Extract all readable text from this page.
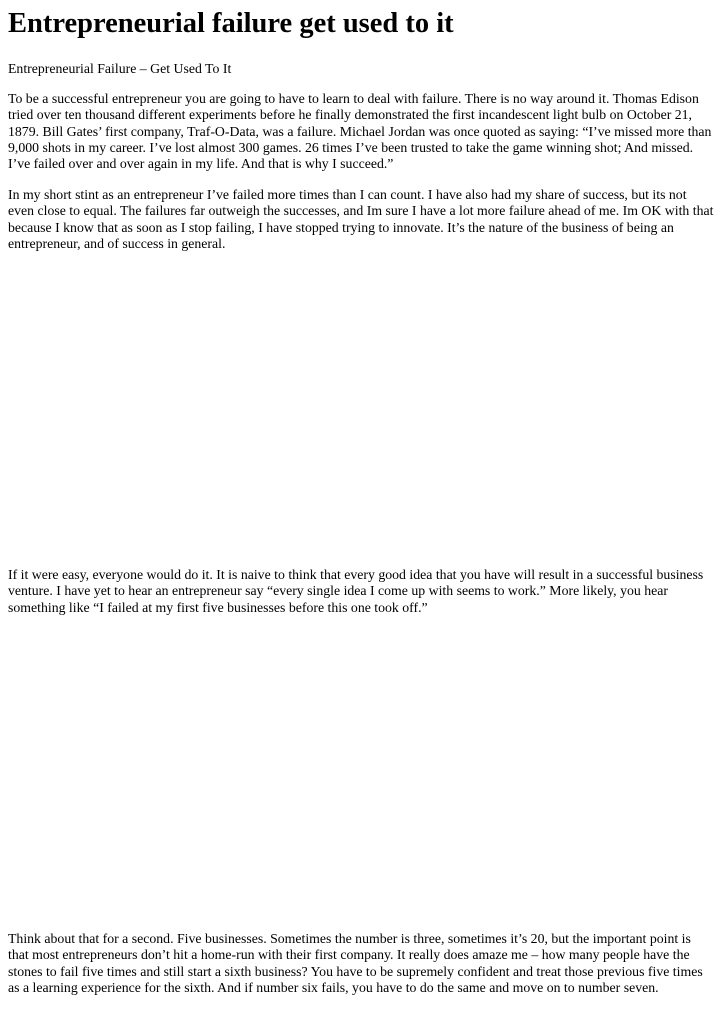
Entrepreneurial failure get used to it

Entrepreneurial Failure – Get Used To It

To be a successful entrepreneur you are going to have to learn to deal with failure. There is no way around it. Thomas Edison tried over ten thousand different experiments before he finally demonstrated the first incandescent light bulb on October 21, 1879. Bill Gates’ first company, Traf-O-Data, was a failure. Michael Jordan was once quoted as saying: “I’ve missed more than 9,000 shots in my career. I’ve lost almost 300 games. 26 times I’ve been trusted to take the game winning shot; And missed. I’ve failed over and over again in my life. And that is why I succeed.”

In my short stint as an entrepreneur I’ve failed more times than I can count. I have also had my share of success, but its not even close to equal. The failures far outweigh the successes, and Im sure I have a lot more failure ahead of me. Im OK with that because I know that as soon as I stop failing, I have stopped trying to innovate. It’s the nature of the business of being an entrepreneur, and of success in general.

If it were easy, everyone would do it. It is naive to think that every good idea that you have will result in a successful business venture. I have yet to hear an entrepreneur say “every single idea I come up with seems to work.” More likely, you hear something like “I failed at my first five businesses before this one took off.”

Think about that for a second. Five businesses. Sometimes the number is three, sometimes it’s 20, but the important point is that most entrepreneurs don’t hit a home-run with their first company. It really does amaze me – how many people have the stones to fail five times and still start a sixth business? You have to be supremely confident and treat those previous five times as a learning experience for the sixth. And if number six fails, you have to do the same and move on to number seven.
